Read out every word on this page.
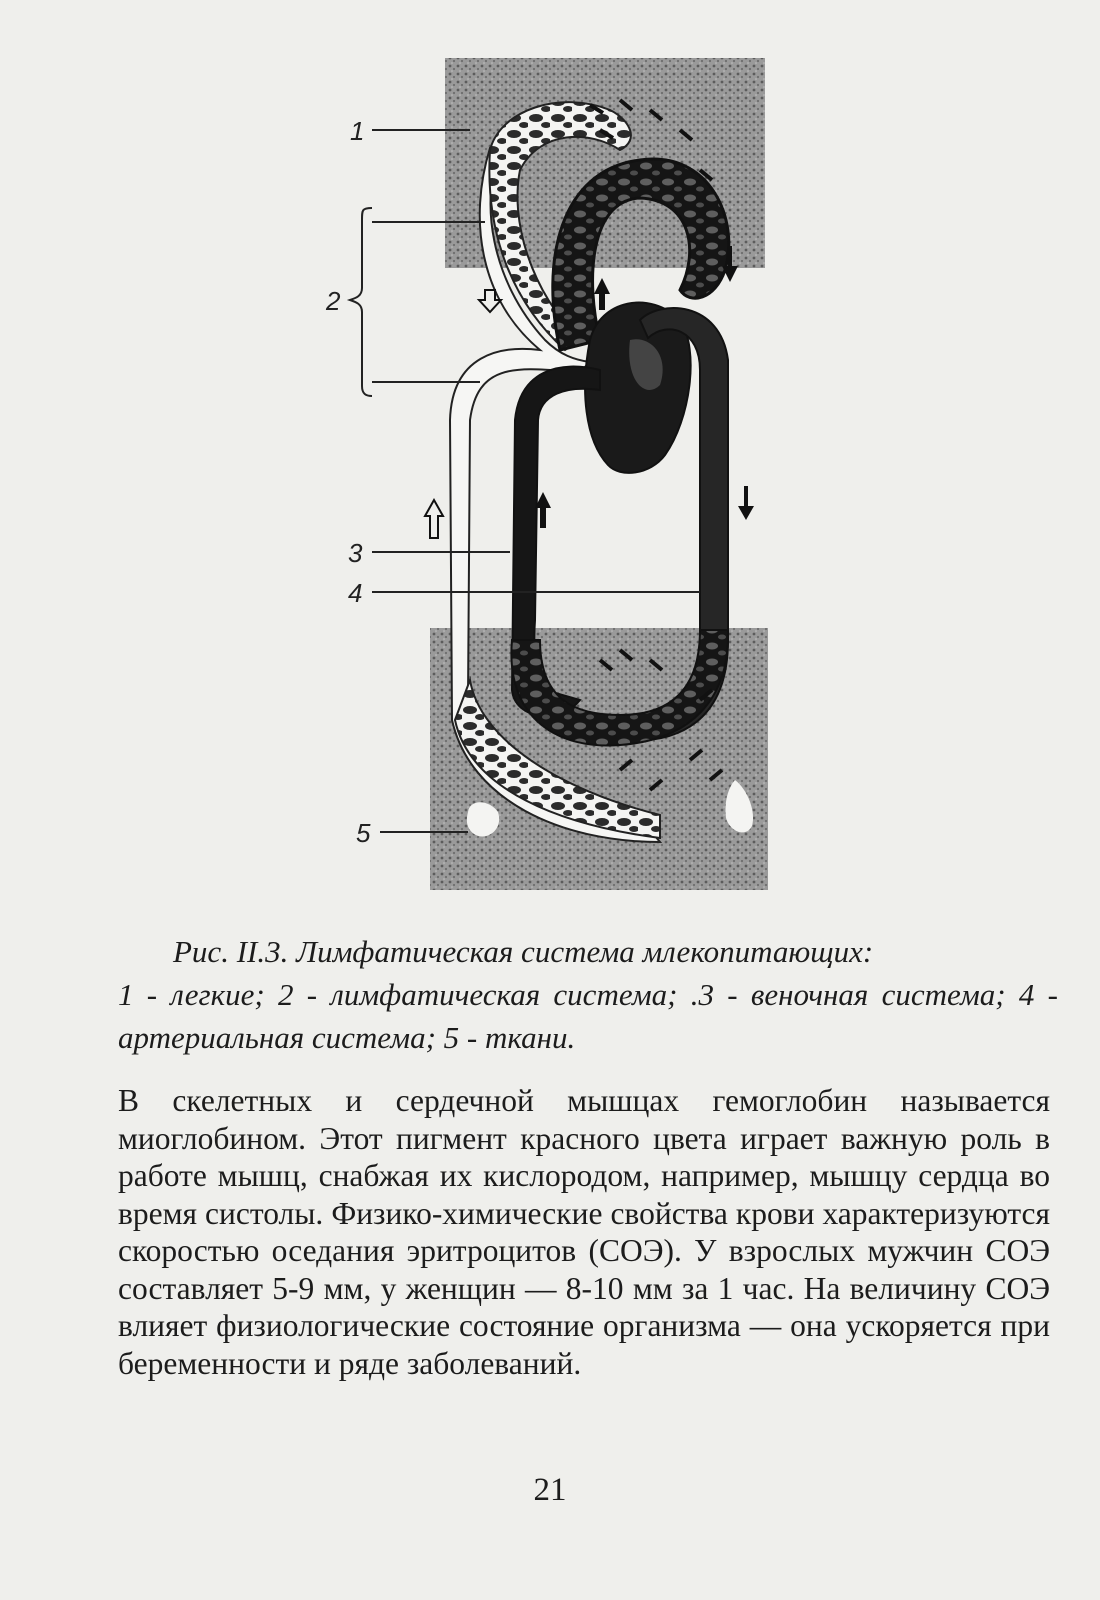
1
2
3
4
5
Рис. II.3. Лимфатическая система млекопитающих:
1 - легкие; 2 - лимфатическая система; .3 - веночная система; 4 - артериальная система; 5 - ткани.
В скелетных и сердечной мышцах гемоглобин называется миоглобином. Этот пигмент красного цвета играет важную роль в работе мышц, снабжая их кислородом, например, мышцу сердца во время систолы. Физико-химические свойства крови характеризуются скоростью оседания эритроцитов (СОЭ). У взрослых мужчин СОЭ составляет 5-9 мм, у женщин — 8-10 мм за 1 час. На величину СОЭ влияет физиологические состояние организма — она ускоряется при беременности и ряде заболеваний.
21
